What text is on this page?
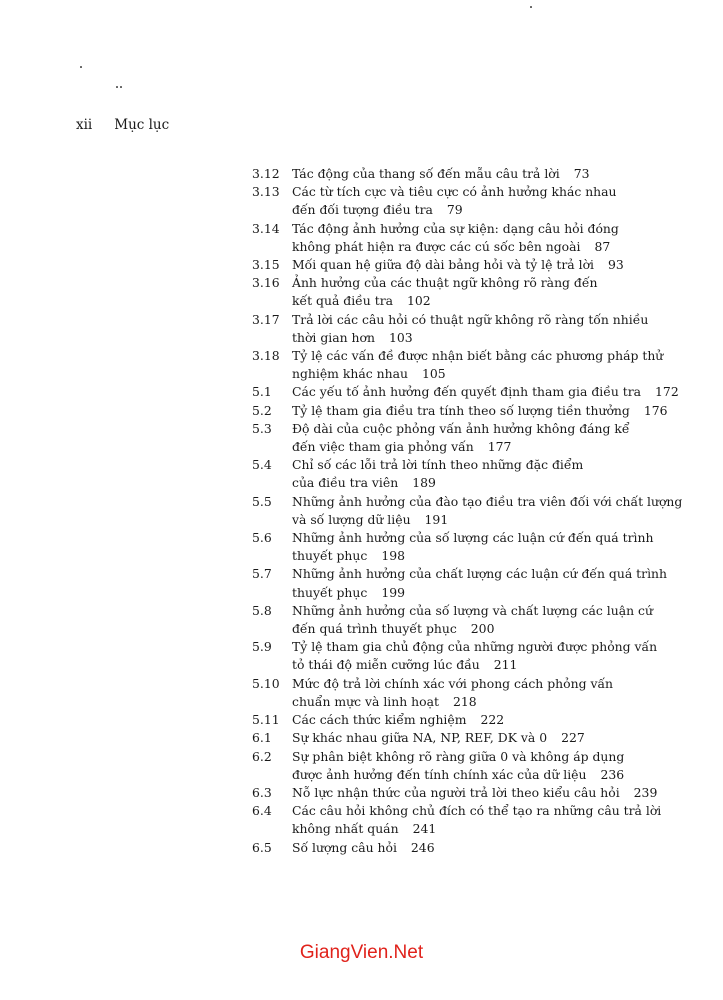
xii Mục lục
3.12	Tác động của thang số đến mẫu câu trả lời 73
3.13	Các từ tích cực và tiêu cực có ảnh hưởng khác nhau
đến đối tượng điều tra 79
3.14	Tác động ảnh hưởng của sự kiện: dạng câu hỏi đóng
không phát hiện ra được các cú sốc bên ngoài 87
3.15	Mối quan hệ giữa độ dài bảng hỏi và tỷ lệ trả lời 93
3.16	Ảnh hưởng của các thuật ngữ không rõ ràng đến
kết quả điều tra 102
3.17	Trả lời các câu hỏi có thuật ngữ không rõ ràng tốn nhiều
thời gian hơn 103
3.18	Tỷ lệ các vấn đề được nhận biết bằng các phương pháp thử
nghiệm khác nhau 105
5.1	Các yếu tố ảnh hưởng đến quyết định tham gia điều tra 172
5.2	Tỷ lệ tham gia điều tra tính theo số lượng tiền thưởng 176
5.3	Độ dài của cuộc phỏng vấn ảnh hưởng không đáng kể
đến việc tham gia phỏng vấn 177
5.4	Chỉ số các lỗi trả lời tính theo những đặc điểm
của điều tra viên 189
5.5	Những ảnh hưởng của đào tạo điều tra viên đối với chất lượng
và số lượng dữ liệu 191
5.6	Những ảnh hưởng của số lượng các luận cứ đến quá trình
thuyết phục 198
5.7	Những ảnh hưởng của chất lượng các luận cứ đến quá trình
thuyết phục 199
5.8	Những ảnh hưởng của số lượng và chất lượng các luận cứ
đến quá trình thuyết phục 200
5.9	Tỷ lệ tham gia chủ động của những người được phỏng vấn
tỏ thái độ miễn cưỡng lúc đầu 211
5.10	Mức độ trả lời chính xác với phong cách phỏng vấn
chuẩn mực và linh hoạt 218
5.11	Các cách thức kiểm nghiệm 222
6.1	Sự khác nhau giữa NA, NP, REF, DK và 0 227
6.2	Sự phân biệt không rõ ràng giữa 0 và không áp dụng
được ảnh hưởng đến tính chính xác của dữ liệu 236
6.3	Nỗ lực nhận thức của người trả lời theo kiểu câu hỏi 239
6.4	Các câu hỏi không chủ đích có thể tạo ra những câu trả lời
không nhất quán 241
6.5	Số lượng câu hỏi 246
GiangVien.Net
